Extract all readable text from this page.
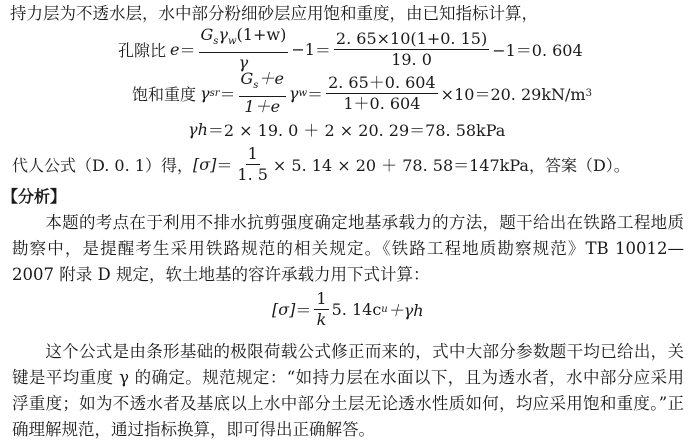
持力层为不透水层，水中部分粉细砂层应用饱和重度，由已知指标计算，
孔隙比 $e = \frac{G_s\gamma_w(1+w)}{\gamma} -1 = \frac{2. 65\times 10(1+0. 15)}{19. 0} -1=0$. 604
饱和重度 γ sr ＝ $\frac{G_s+e}{1+e}$ γ $w = \frac{2. 65+0. 604}{1+0. 604} \times 10=20$. 29kN/m 3
γh ＝2 × 19. 0 ＋ 2 × 20. 29＝78. 58kPa
代人公式（D. 0. 1）得， $[\sigma] = \frac{1}{1. 5} \times 5$. 14 × 20 ＋ 78. 58＝147kPa，答案（D）。
【分析】
本题的考点在于利用不排水抗剪强度确定地基承载力的方法，题干给出在铁路工程地质勘察中，是提醒考生采用铁路规范的相关规定。《铁路工程地质勘察规范》TB 10012—2007 附录 D 规定，软土地基的容许承载力用下式计算：
$[\sigma] = \frac{1}{k} 5$. 14c u ＋γh
这个公式是由条形基础的极限荷载公式修正而来的，式中大部分参数题干均已给出，关键是平均重度 γ 的确定。规范规定：“如持力层在水面以下，且为透水者，水中部分应采用浮重度；如为不透水者及基底以上水中部分土层无论透水性质如何，均应采用饱和重度。”正确理解规范，通过指标换算，即可得出正确解答。
